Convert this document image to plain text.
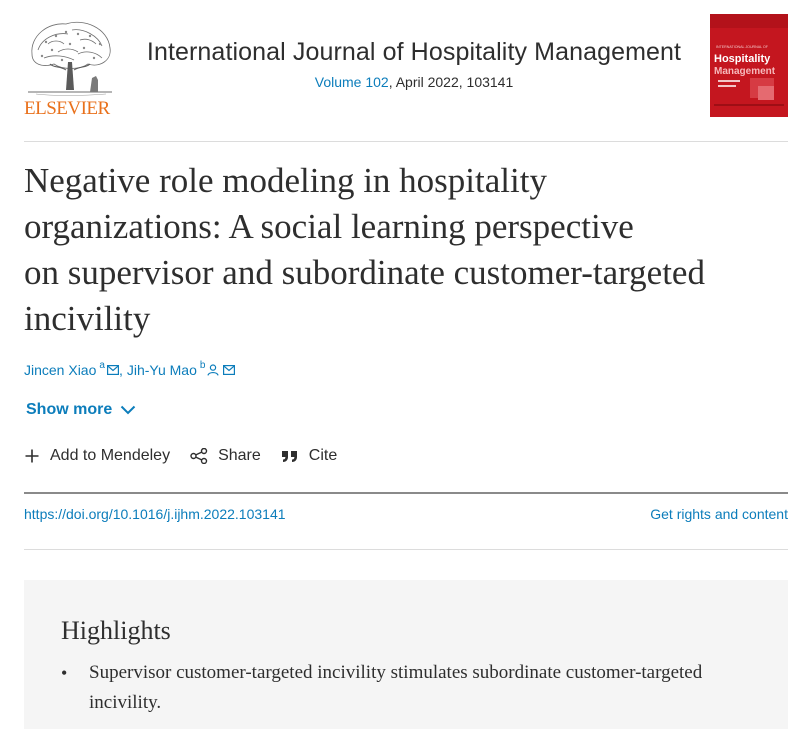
ELSEVIER
International Journal of Hospitality Management
Volume 102, April 2022, 103141
INTERNATIONAL JOURNAL OF
Hospitality
Management
Negative role modeling in hospitality
organizations: A social learning perspective
on supervisor and subordinate customer-targeted
incivility
Jincen Xiao a , Jih-Yu Mao b
Show more
Add to Mendeley	Share	Cite
https://doi.org/10.1016/j.ijhm.2022.103141	Get rights and content
Highlights
• Supervisor customer-targeted incivility stimulates subordinate customer-targeted incivility.
